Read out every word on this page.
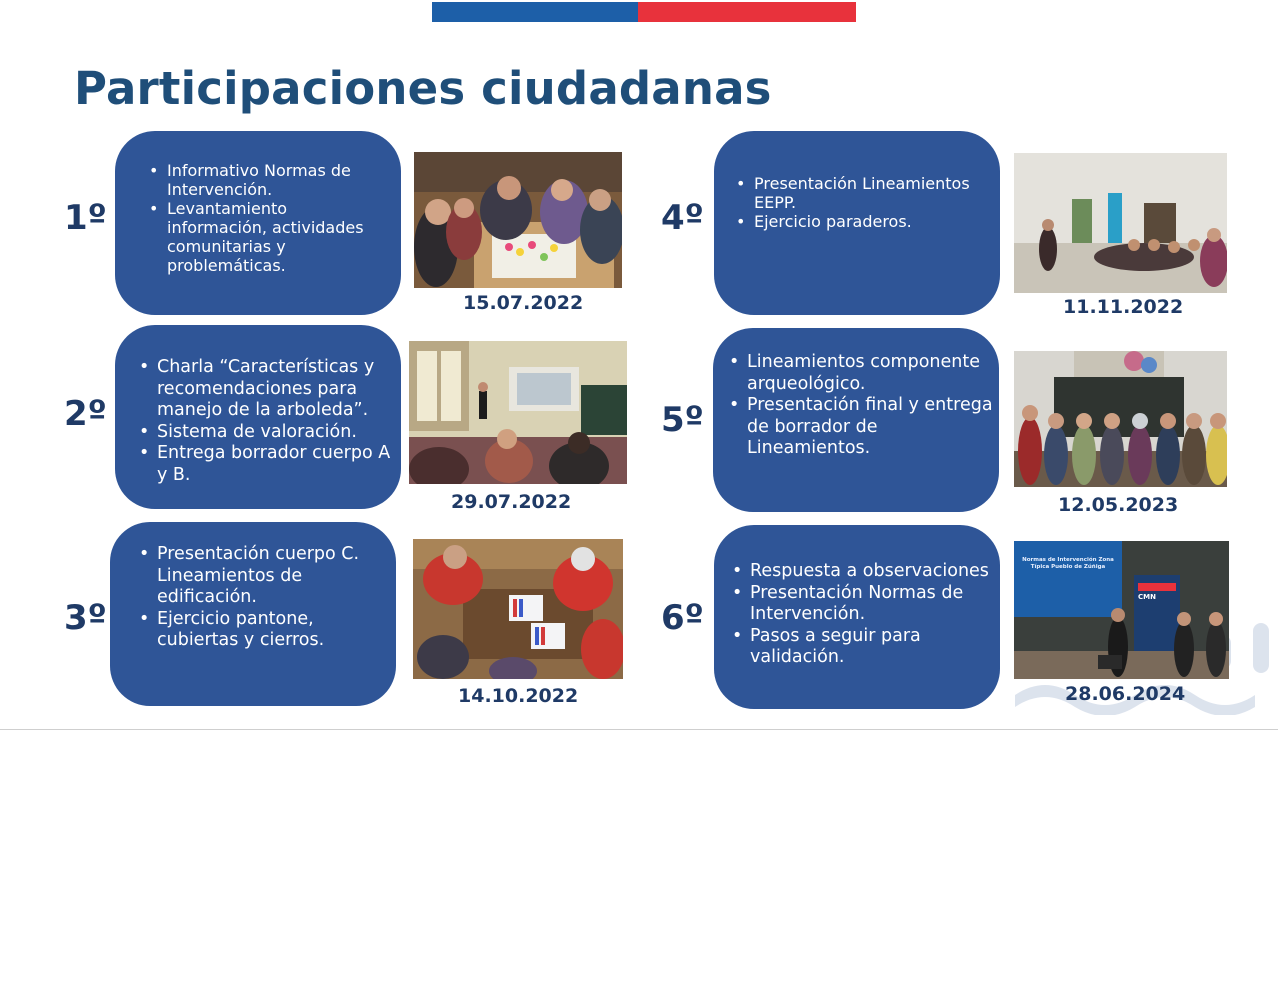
Participaciones ciudadanas
1º
• Informativo Normas de Intervención.
• Levantamiento información, actividades comunitarias y problemáticas.
15.07.2022
2º
• Charla “Características y recomendaciones para manejo de la arboleda”.
• Sistema de valoración.
• Entrega borrador cuerpo A y B.
29.07.2022
3º
• Presentación cuerpo C. Lineamientos de edificación.
• Ejercicio pantone, cubiertas y cierros.
14.10.2022
4º
• Presentación Lineamientos EEPP.
• Ejercicio paraderos.
11.11.2022
5º
• Lineamientos componente arqueológico.
• Presentación final y entrega de borrador de Lineamientos.
12.05.2023
6º
• Respuesta a observaciones
• Presentación Normas de Intervención.
• Pasos a seguir para validación.
Normas de Intervención Zona Típica Pueblo de Zúñiga
CMN
28.06.2024
